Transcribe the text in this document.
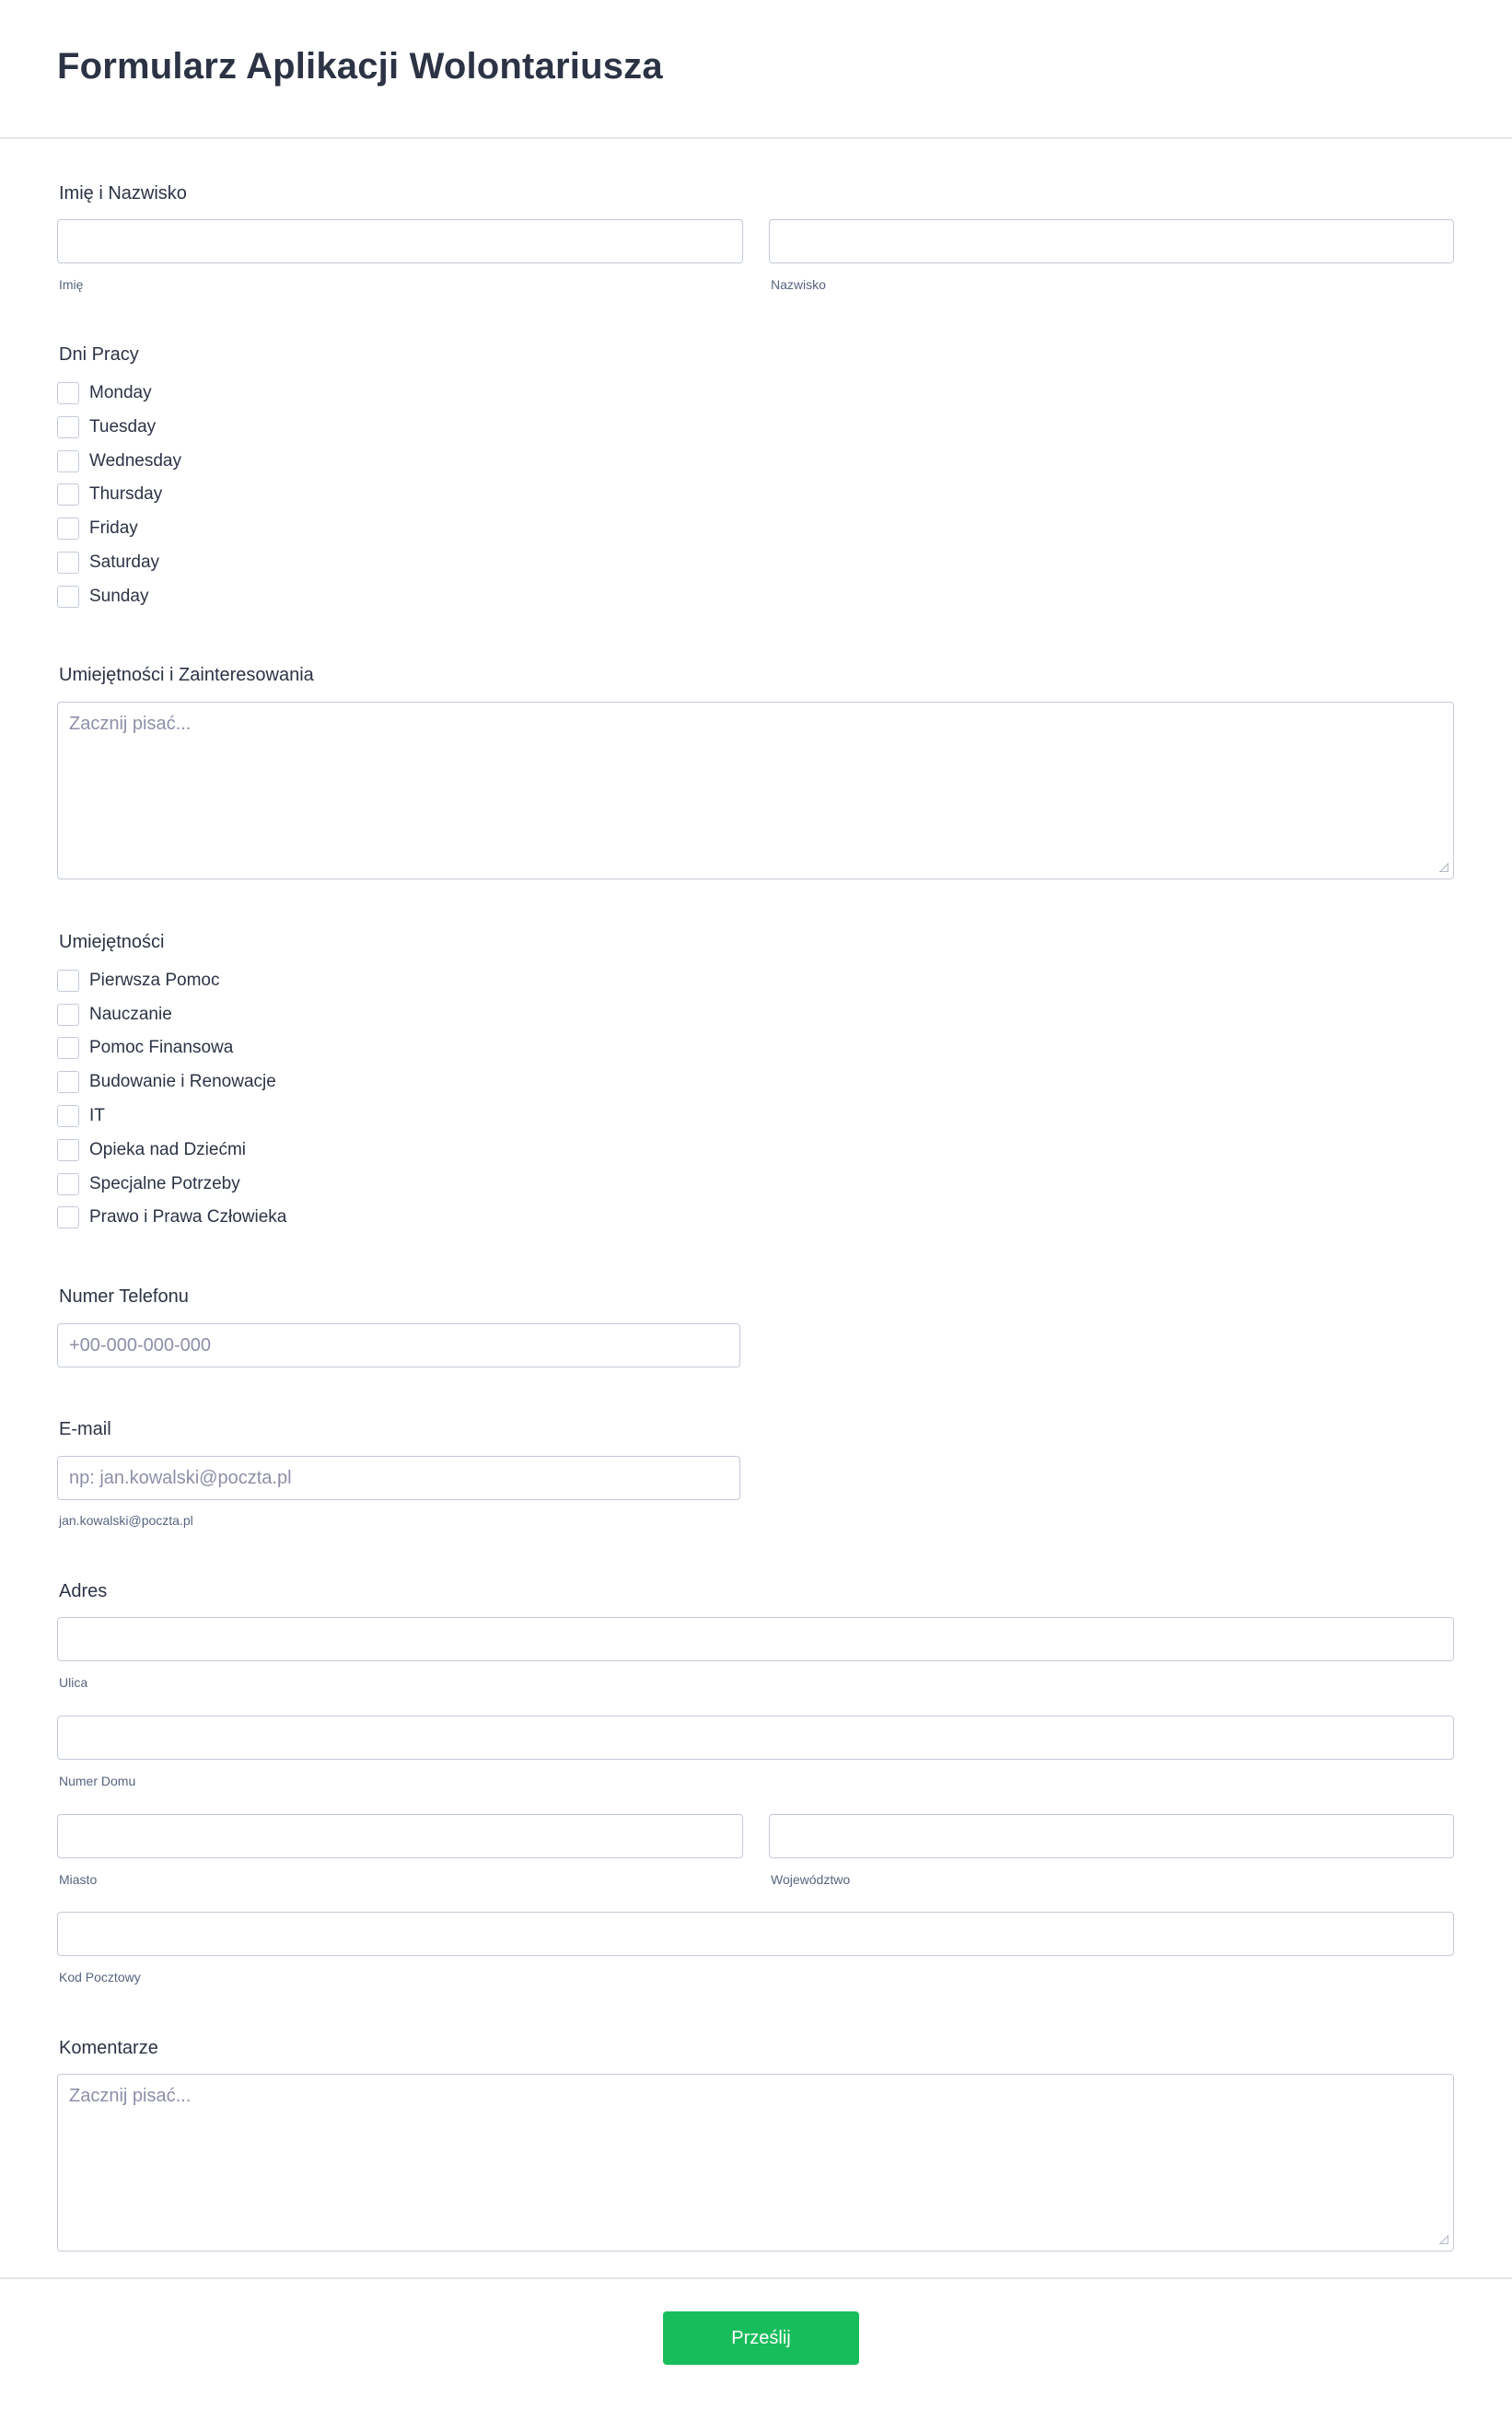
Formularz Aplikacji Wolontariusza
Imię i Nazwisko
Imię	Nazwisko
Dni Pracy
Monday
Tuesday
Wednesday
Thursday
Friday
Saturday
Sunday
Umiejętności i Zainteresowania
Zacznij pisać...
Umiejętności
Pierwsza Pomoc
Nauczanie
Pomoc Finansowa
Budowanie i Renowacje
IT
Opieka nad Dziećmi
Specjalne Potrzeby
Prawo i Prawa Człowieka
Numer Telefonu
+00-000-000-000
E-mail
np: jan.kowalski@poczta.pl
jan.kowalski@poczta.pl
Adres
Ulica
Numer Domu
Miasto	Województwo
Kod Pocztowy
Komentarze
Zacznij pisać...
Prześlij
